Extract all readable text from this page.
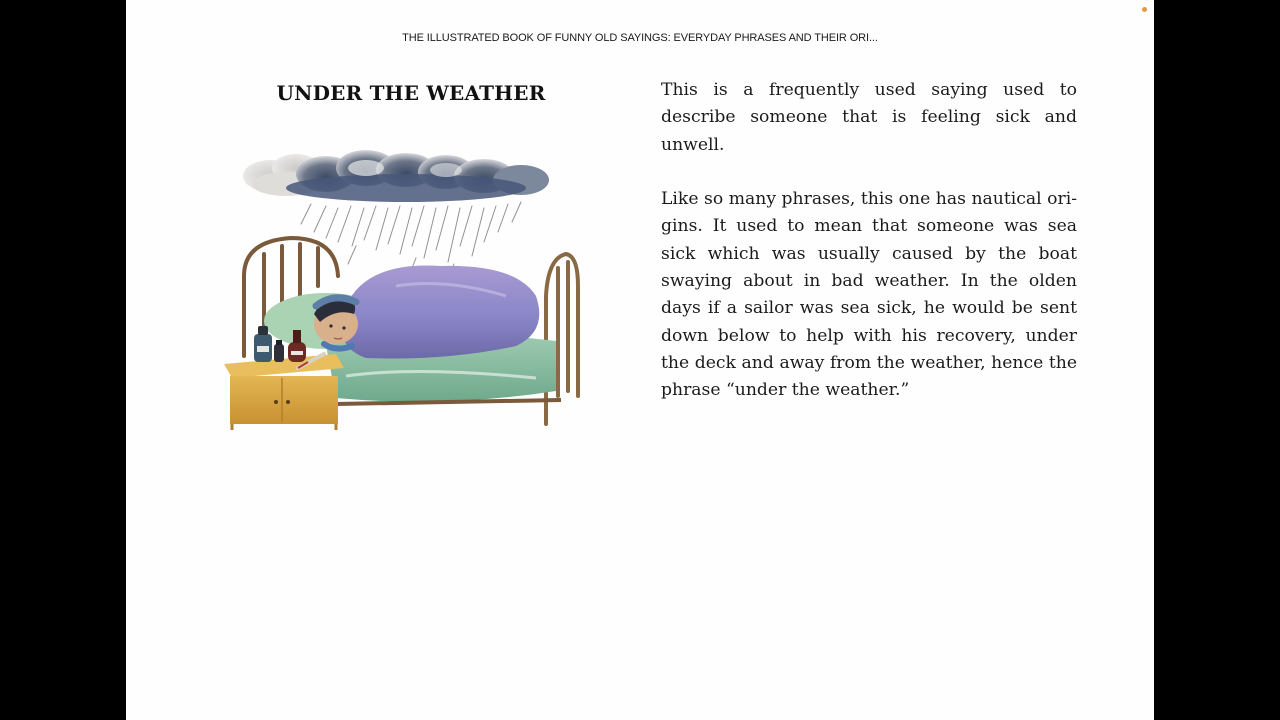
THE ILLUSTRATED BOOK OF FUNNY OLD SAYINGS: EVERYDAY PHRASES AND THEIR ORI...
UNDER THE WEATHER	This is a frequently used saying used to describe someone that is feeling sick and unwell.

Like so many phrases, this one has nautical origins. It used to mean that someone was sea sick which was usually caused by the boat swaying about in bad weather. In the olden days if a sailor was sea sick, he would be sent down below to help with his recovery, under the deck and away from the weather, hence the phrase “under the weather.”
